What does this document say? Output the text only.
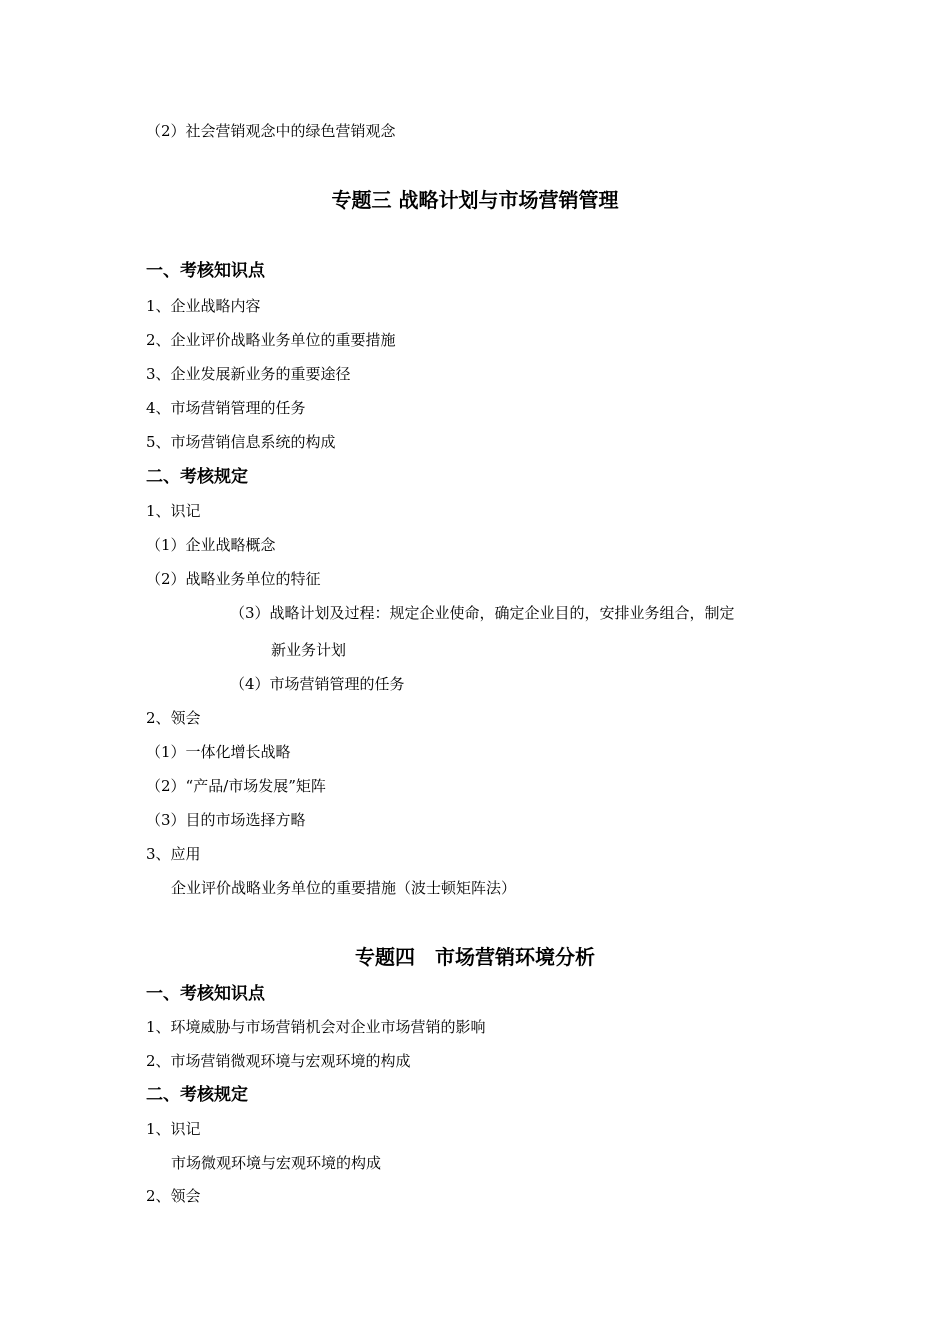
（2）社会营销观念中的绿色营销观念
专题三 战略计划与市场营销管理
一、考核知识点
1、企业战略内容
2、企业评价战略业务单位的重要措施
3、企业发展新业务的重要途径
4、市场营销管理的任务
5、市场营销信息系统的构成
二、考核规定
1、识记
（1）企业战略概念
（2）战略业务单位的特征
（3）战略计划及过程：规定企业使命，确定企业目的，安排业务组合，制定
新业务计划
（4）市场营销管理的任务
2、领会
（1）一体化增长战略
（2）“产品/市场发展”矩阵
（3）目的市场选择方略
3、应用
企业评价战略业务单位的重要措施（波士顿矩阵法）
专题四　市场营销环境分析
一、考核知识点
1、环境威胁与市场营销机会对企业市场营销的影响
2、市场营销微观环境与宏观环境的构成
二、考核规定
1、识记
市场微观环境与宏观环境的构成
2、领会
